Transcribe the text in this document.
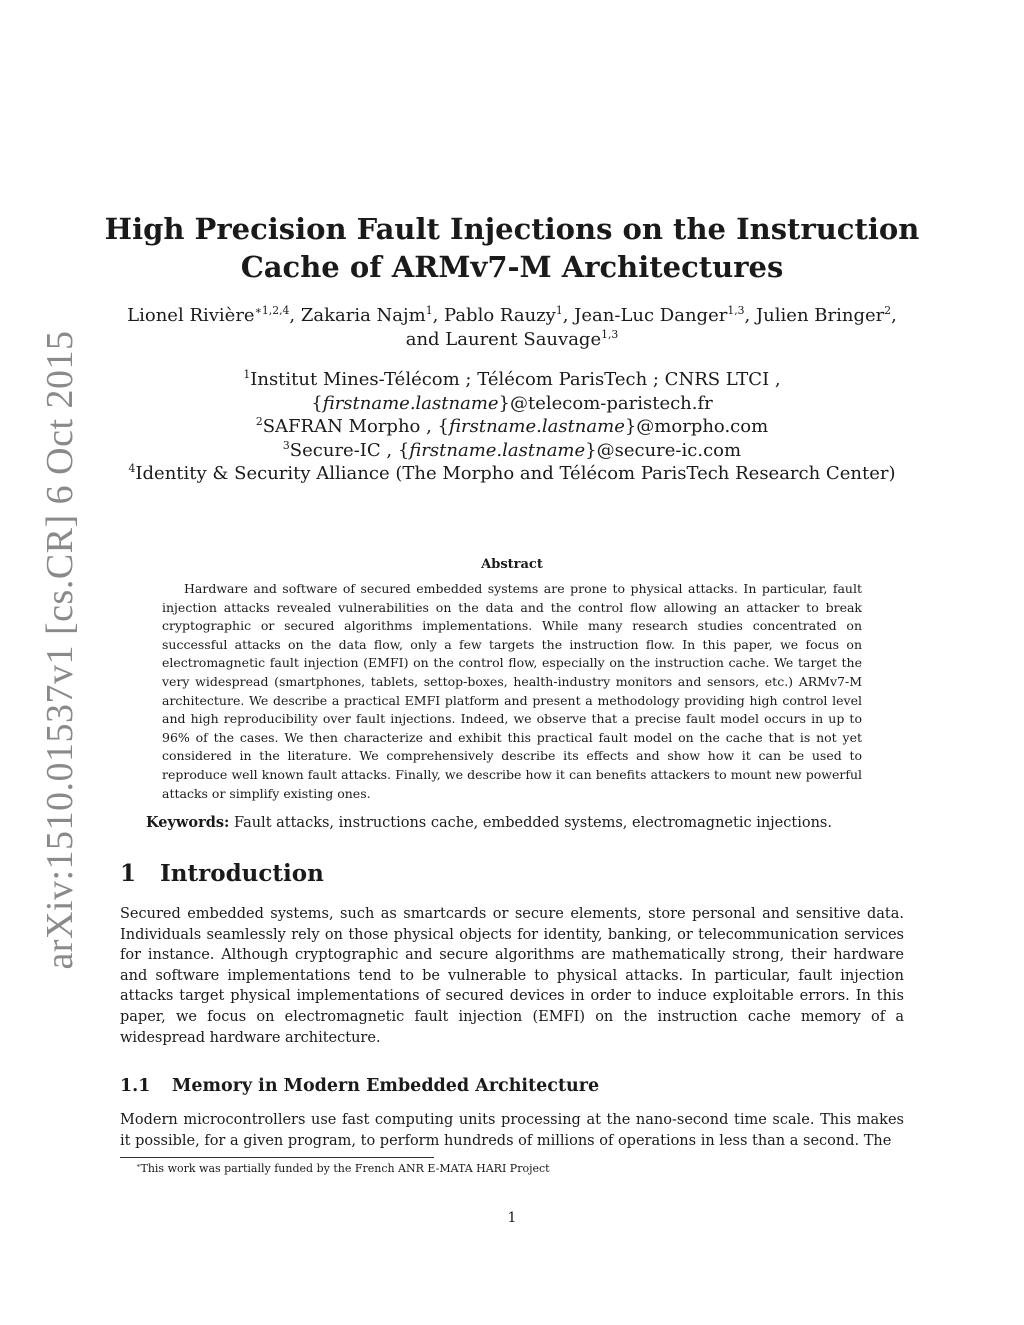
arXiv:1510.01537v1 [cs.CR] 6 Oct 2015
High Precision Fault Injections on the Instruction
Cache of ARMv7-M Architectures
Lionel Rivière$^{∗1,2,4}$, Zakaria Najm$^1$, Pablo Rauzy$^1$, Jean-Luc Danger$^{1,3}$, Julien Bringer$^2$,
and Laurent Sauvage$^{1,3}$
$^1$Institut Mines-Télécom ; Télécom ParisTech ; CNRS LTCI ,
{firstname.lastname}@telecom-paristech.fr
$^2$SAFRAN Morpho , {firstname.lastname}@morpho.com
$^3$Secure-IC , {firstname.lastname}@secure-ic.com
$^4$Identity & Security Alliance (The Morpho and Télécom ParisTech Research Center)
Abstract
Hardware and software of secured embedded systems are prone to physical attacks. In particular, fault injection attacks revealed vulnerabilities on the data and the control flow allowing an attacker to break cryptographic or secured algorithms implementations. While many research studies concentrated on successful attacks on the data flow, only a few targets the instruction flow. In this paper, we focus on electromagnetic fault injection (EMFI) on the control flow, especially on the instruction cache. We target the very widespread (smartphones, tablets, settop-boxes, health-industry monitors and sensors, etc.) ARMv7-M architecture. We describe a practical EMFI platform and present a methodology providing high control level and high reproducibility over fault injections. Indeed, we observe that a precise fault model occurs in up to 96% of the cases. We then characterize and exhibit this practical fault model on the cache that is not yet considered in the literature. We comprehensively describe its effects and show how it can be used to reproduce well known fault attacks. Finally, we describe how it can benefits attackers to mount new powerful attacks or simplify existing ones.
Keywords: Fault attacks, instructions cache, embedded systems, electromagnetic injections.
1 Introduction
Secured embedded systems, such as smartcards or secure elements, store personal and sensitive data. Individuals seamlessly rely on those physical objects for identity, banking, or telecommunication services for instance. Although cryptographic and secure algorithms are mathematically strong, their hardware and software implementations tend to be vulnerable to physical attacks. In particular, fault injection attacks target physical implementations of secured devices in order to induce exploitable errors. In this paper, we focus on electromagnetic fault injection (EMFI) on the instruction cache memory of a widespread hardware architecture.
1.1 Memory in Modern Embedded Architecture
Modern microcontrollers use fast computing units processing at the nano-second time scale. This makes it possible, for a given program, to perform hundreds of millions of operations in less than a second. The
∗This work was partially funded by the French ANR E-MATA HARI Project
1
